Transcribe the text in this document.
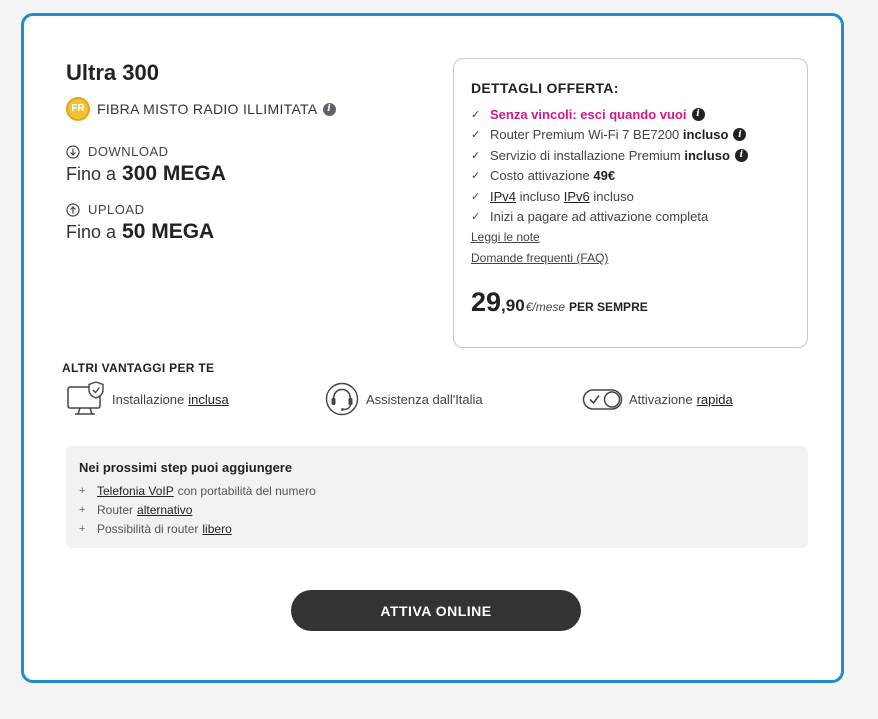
Ultra 300
FR FIBRA MISTO RADIO ILLIMITATA	i
DOWNLOAD
Fino a 300 MEGA
UPLOAD
Fino a 50 MEGA
DETTAGLI OFFERTA:
✓ Senza vincoli: esci quando vuoi	i
✓ Router Premium Wi-Fi 7 BE7200
incluso	i
✓ Servizio di installazione Premium
incluso	i
✓ Costo attivazione
49€
✓ IPv4
incluso
IPv6
incluso
✓ Inizi a pagare ad attivazione completa
Leggi le note
Domande frequenti (FAQ)
29 ,90 €/mese PER SEMPRE
ALTRI VANTAGGI PER TE
Installazione inclusa	Assistenza dall'Italia	Attivazione rapida
Nei prossimi step puoi aggiungere
+ Telefonia VoIP con portabilità del numero
+ Router alternativo
+ Possibilità di router libero
ATTIVA ONLINE
